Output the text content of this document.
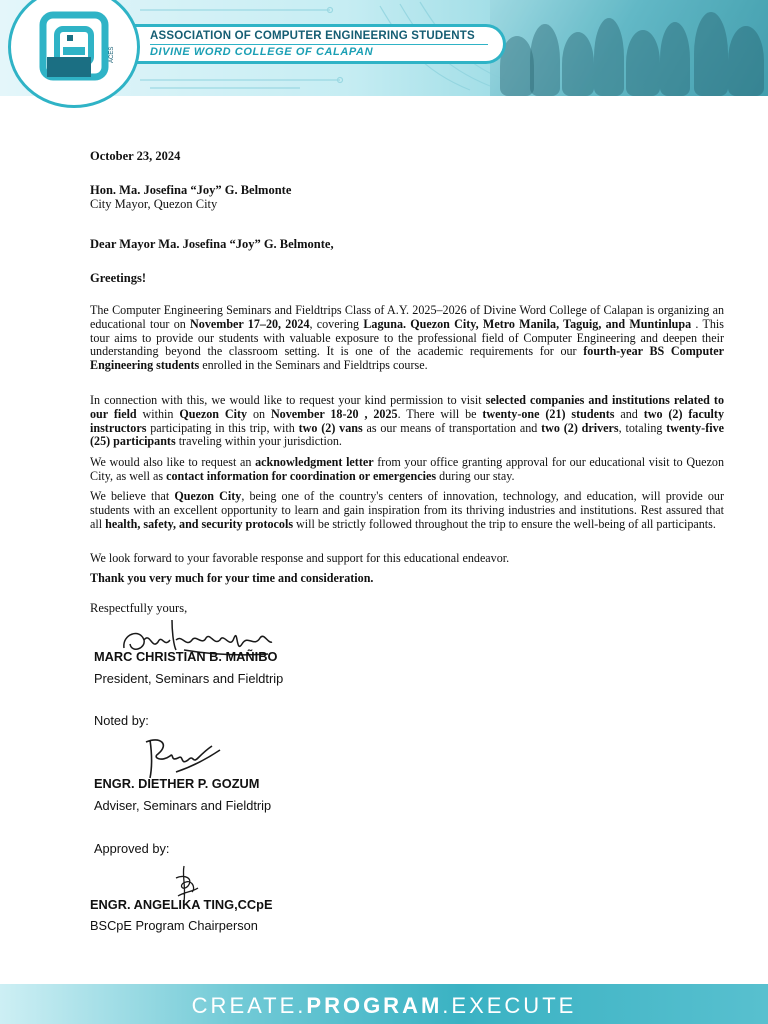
ASSOCIATION OF COMPUTER ENGINEERING STUDENTS
DIVINE WORD COLLEGE OF CALAPAN
ACES
October 23, 2024
Hon. Ma. Josefina “Joy” G. Belmonte
City Mayor, Quezon City
Dear Mayor Ma. Josefina “Joy” G. Belmonte,
Greetings!

The Computer Engineering Seminars and Fieldtrips Class of A.Y. 2025–2026 of Divine Word College of Calapan is organizing an educational tour on November 17–20, 2024, covering Laguna. Quezon City, Metro Manila, Taguig, and Muntinlupa . This tour aims to provide our students with valuable exposure to the professional field of Computer Engineering and deepen their understanding beyond the classroom setting. It is one of the academic requirements for our fourth-year BS Computer Engineering students enrolled in the Seminars and Fieldtrips course.

In connection with this, we would like to request your kind permission to visit selected companies and institutions related to our field within Quezon City on November 18-20 , 2025. There will be twenty-one (21) students and two (2) faculty instructors participating in this trip, with two (2) vans as our means of transportation and two (2) drivers, totaling twenty-five (25) participants traveling within your jurisdiction.

We would also like to request an acknowledgment letter from your office granting approval for our educational visit to Quezon City, as well as contact information for coordination or emergencies during our stay.

We believe that Quezon City, being one of the country's centers of innovation, technology, and education, will provide our students with an excellent opportunity to learn and gain inspiration from its thriving industries and institutions. Rest assured that all health, safety, and security protocols will be strictly followed throughout the trip to ensure the well-being of all participants.

We look forward to your favorable response and support for this educational endeavor.

Thank you very much for your time and consideration.

Respectfully yours,
MARC CHRISTIAN B. MAÑIBO
President, Seminars and Fieldtrip
Noted by:
ENGR. DIETHER P. GOZUM
Adviser, Seminars and Fieldtrip
Approved by:
ENGR. ANGELIKA TING,CCpE
BSCpE Program Chairperson
CREATE.PROGRAM.EXECUTE
